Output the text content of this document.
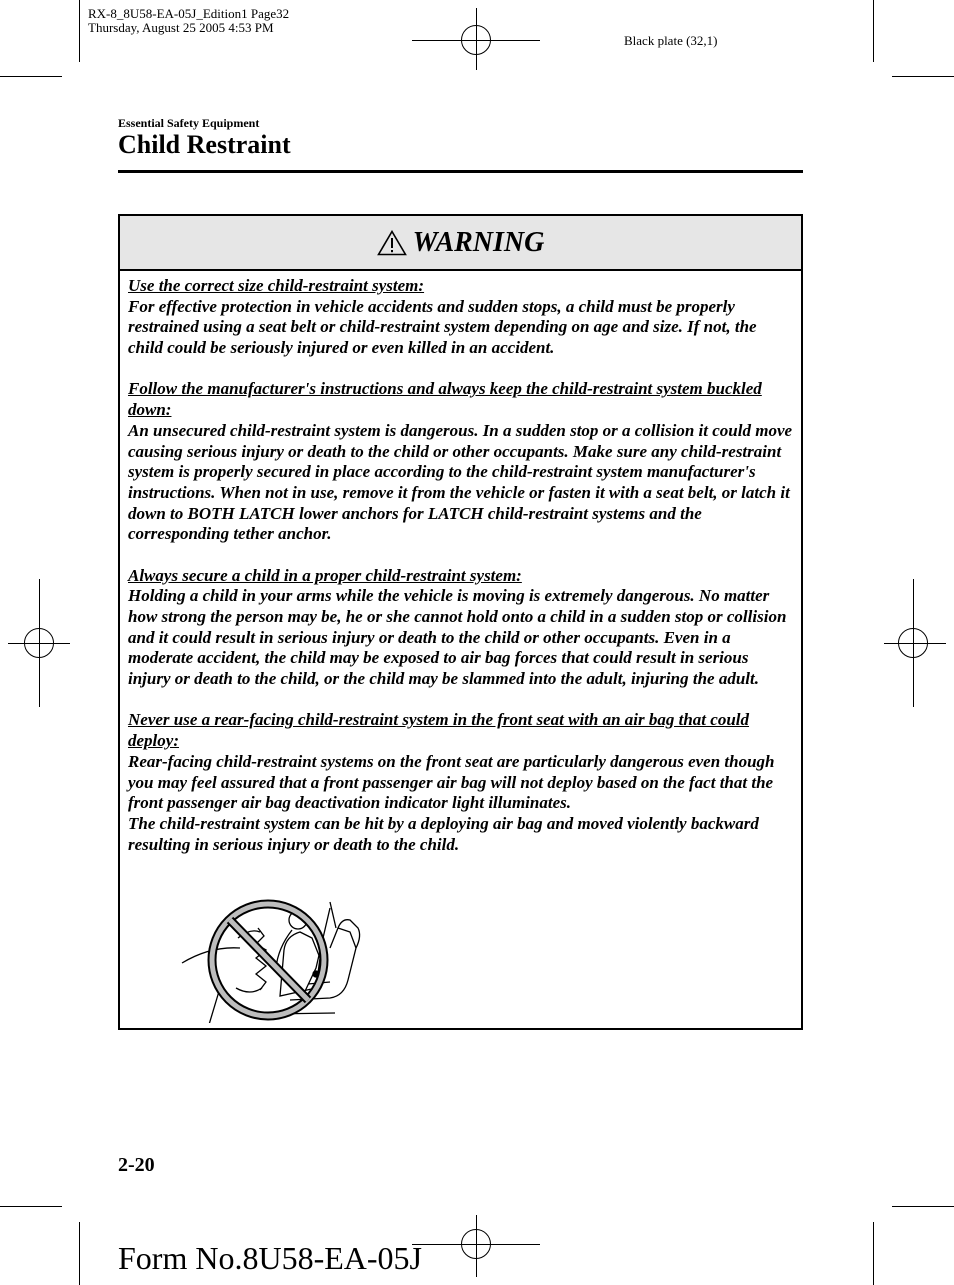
RX-8_8U58-EA-05J_Edition1 Page32
Thursday, August 25 2005 4:53 PM
Black plate (32,1)
Essential Safety Equipment
Child Restraint
WARNING

Use the correct size child-restraint system:
For effective protection in vehicle accidents and sudden stops, a child must be properly restrained using a seat belt or child-restraint system depending on age and size. If not, the child could be seriously injured or even killed in an accident.

Follow the manufacturer's instructions and always keep the child-restraint system buckled down:
An unsecured child-restraint system is dangerous. In a sudden stop or a collision it could move causing serious injury or death to the child or other occupants. Make sure any child-restraint system is properly secured in place according to the child-restraint system manufacturer's instructions. When not in use, remove it from the vehicle or fasten it with a seat belt, or latch it down to BOTH LATCH lower anchors for LATCH child-restraint systems and the corresponding tether anchor.

Always secure a child in a proper child-restraint system:
Holding a child in your arms while the vehicle is moving is extremely dangerous. No matter how strong the person may be, he or she cannot hold onto a child in a sudden stop or collision and it could result in serious injury or death to the child or other occupants. Even in a moderate accident, the child may be exposed to air bag forces that could result in serious injury or death to the child, or the child may be slammed into the adult, injuring the adult.

Never use a rear-facing child-restraint system in the front seat with an air bag that could deploy:
Rear-facing child-restraint systems on the front seat are particularly dangerous even though you may feel assured that a front passenger air bag will not deploy based on the fact that the front passenger air bag deactivation indicator light illuminates.
The child-restraint system can be hit by a deploying air bag and moved violently backward resulting in serious injury or death to the child.

2-20
Form No.8U58-EA-05J
